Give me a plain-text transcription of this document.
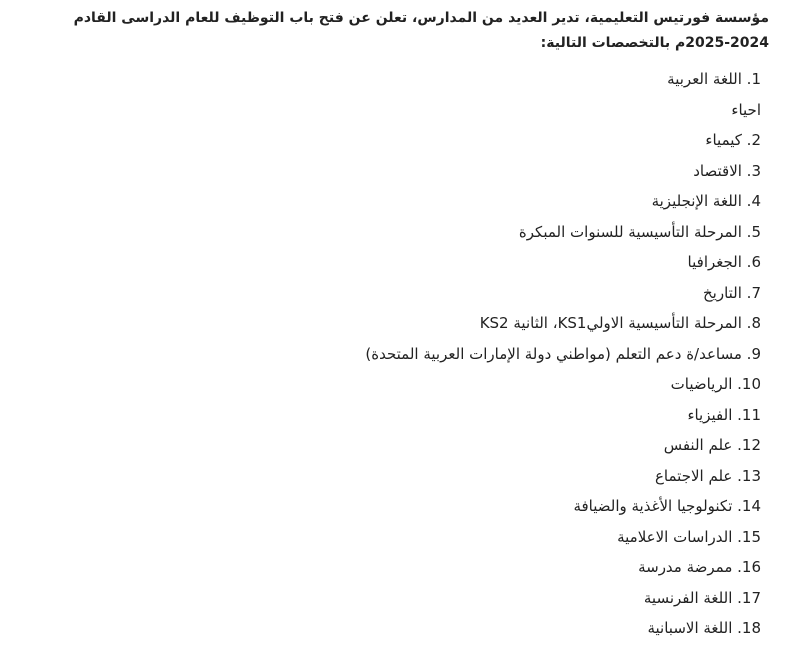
مؤسسة فورتيس التعليمية، تدير العديد من المدارس، تعلن عن فتح باب التوظيف للعام الدراسى القادم 2024-2025م بالتخصصات التالية:

1. اللغة العربية
احياء
2. كيمياء
3. الاقتصاد
4. اللغة الإنجليزية
5. المرحلة التأسيسية للسنوات المبكرة
6. الجغرافيا
7. التاريخ
8. المرحلة التأسيسية الاوليKS1، الثانية KS2
9. مساعد/ة دعم التعلم (مواطني دولة الإمارات العربية المتحدة)
10. الرياضيات
11. الفيزياء
12. علم النفس
13. علم الاجتماع
14. تكنولوجيا الأغذية والضيافة
15. الدراسات الاعلامية
16. ممرضة مدرسة
17. اللغة الفرنسية
18. اللغة الاسبانية
